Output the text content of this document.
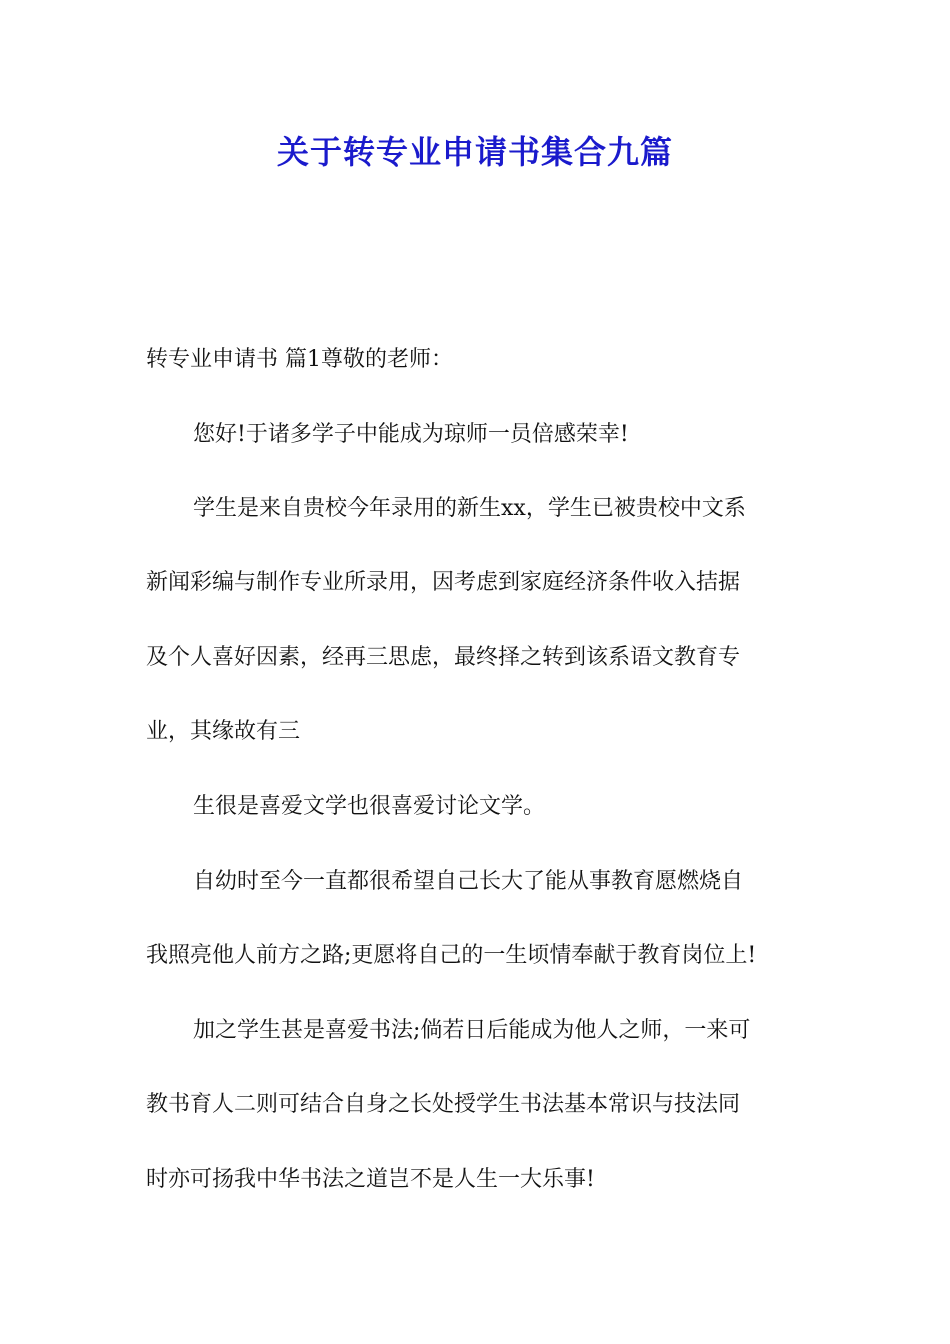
关于转专业申请书集合九篇

转专业申请书 篇1尊敬的老师：

您好!于诸多学子中能成为琼师一员倍感荣幸!

学生是来自贵校今年录用的新生xx，学生已被贵校中文系

新闻彩编与制作专业所录用，因考虑到家庭经济条件收入拮据

及个人喜好因素，经再三思虑，最终择之转到该系语文教育专

业，其缘故有三

生很是喜爱文学也很喜爱讨论文学。

自幼时至今一直都很希望自己长大了能从事教育愿燃烧自

我照亮他人前方之路;更愿将自己的一生顷情奉献于教育岗位上!

加之学生甚是喜爱书法;倘若日后能成为他人之师，一来可

教书育人二则可结合自身之长处授学生书法基本常识与技法同

时亦可扬我中华书法之道岂不是人生一大乐事!
